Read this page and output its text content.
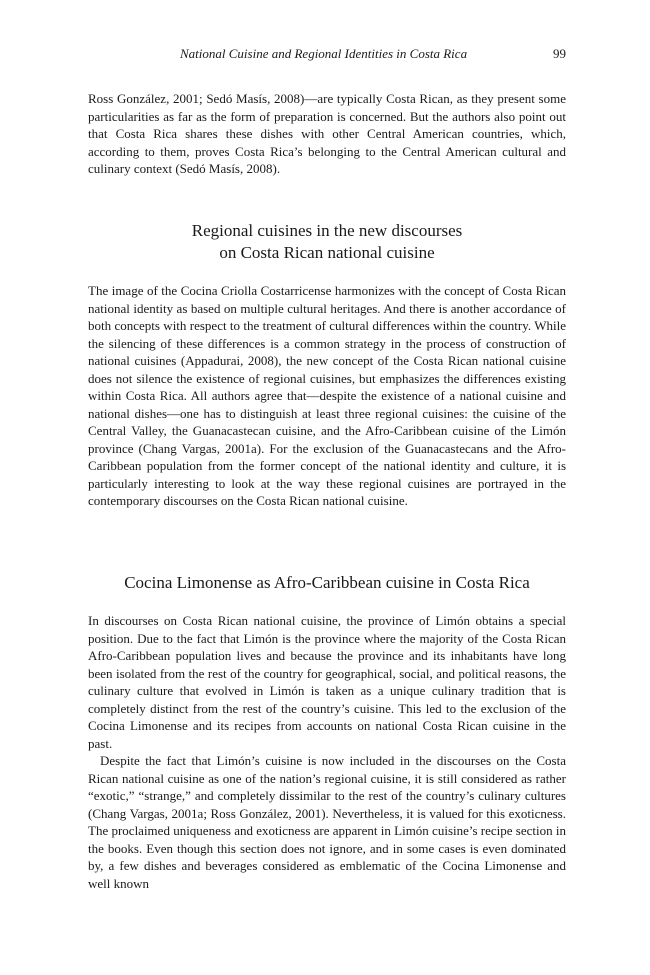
National Cuisine and Regional Identities in Costa Rica	99

Ross González, 2001; Sedó Masís, 2008)—are typically Costa Rican, as they present some particularities as far as the form of preparation is concerned. But the authors also point out that Costa Rica shares these dishes with other Central American countries, which, according to them, proves Costa Rica’s belonging to the Central American cultural and culinary context (Sedó Masís, 2008).

Regional cuisines in the new discourses
on Costa Rican national cuisine

The image of the Cocina Criolla Costarricense harmonizes with the concept of Costa Rican national identity as based on multiple cultural heritages. And there is another accordance of both concepts with respect to the treatment of cultural differences within the country. While the silencing of these differences is a common strategy in the process of construction of national cuisines (Appadurai, 2008), the new concept of the Costa Rican national cuisine does not silence the existence of regional cuisines, but emphasizes the differences existing within Costa Rica. All authors agree that—despite the existence of a national cuisine and national dishes—one has to distinguish at least three regional cuisines: the cuisine of the Central Valley, the Guanacastecan cuisine, and the Afro-Caribbean cuisine of the Limón province (Chang Vargas, 2001a). For the exclusion of the Guanacastecans and the Afro-Caribbean population from the former concept of the national identity and culture, it is particularly interesting to look at the way these regional cuisines are portrayed in the contemporary discourses on the Costa Rican national cuisine.

Cocina Limonense as Afro-Caribbean cuisine in Costa Rica

In discourses on Costa Rican national cuisine, the province of Limón obtains a special position. Due to the fact that Limón is the province where the majority of the Costa Rican Afro-Caribbean population lives and because the province and its inhabitants have long been isolated from the rest of the country for geographical, social, and political reasons, the culinary culture that evolved in Limón is taken as a unique culinary tradition that is completely distinct from the rest of the country’s cuisine. This led to the exclusion of the Cocina Limonense and its recipes from accounts on national Costa Rican cuisine in the past.

Despite the fact that Limón’s cuisine is now included in the discourses on the Costa Rican national cuisine as one of the nation’s regional cuisine, it is still considered as rather “exotic,” “strange,” and completely dissimilar to the rest of the country’s culinary cultures (Chang Vargas, 2001a; Ross González, 2001). Nevertheless, it is valued for this exoticness. The proclaimed uniqueness and exoticness are apparent in Limón cuisine’s recipe section in the books. Even though this section does not ignore, and in some cases is even dominated by, a few dishes and beverages considered as emblematic of the Cocina Limonense and well known
